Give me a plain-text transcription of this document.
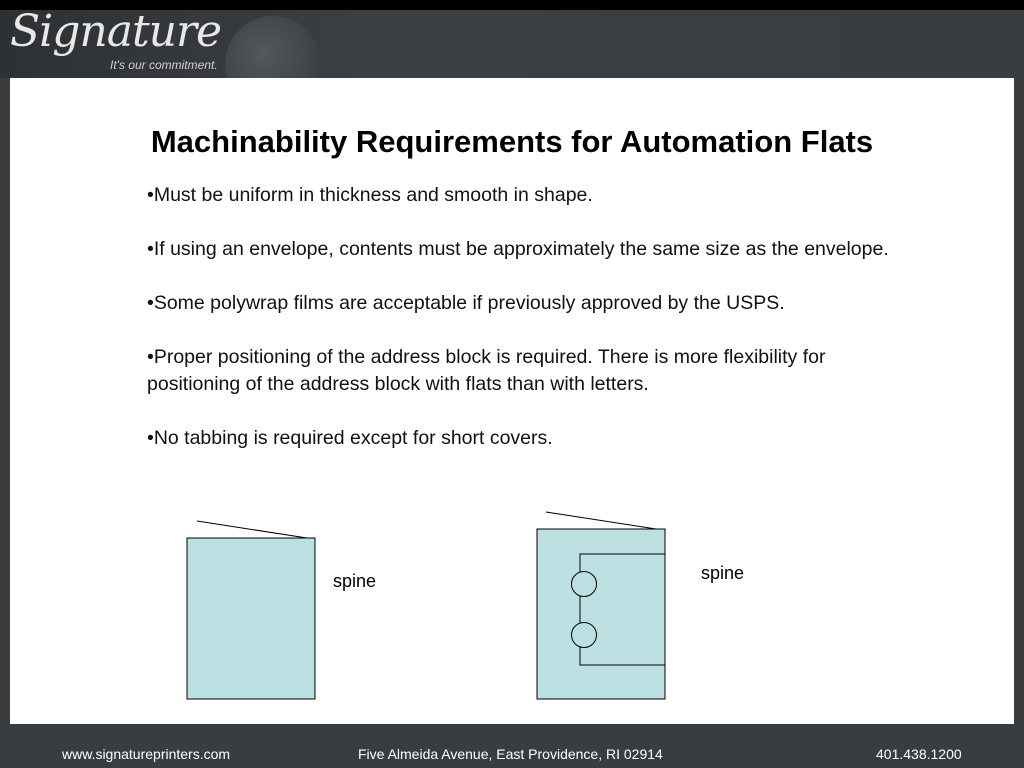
Signature
It's our commitment.
Machinability Requirements for Automation Flats
•Must be uniform in thickness and smooth in shape.
•If using an envelope, contents must be approximately the same size as the envelope.
•Some polywrap films are acceptable if previously approved by the USPS.
•Proper positioning of the address block is required. There is more flexibility for positioning of the address block with flats than with letters.
•No tabbing is required except for short covers.
spine	spine
www.signatureprinters.com	Five Almeida Avenue, East Providence, RI 02914	401.438.1200
